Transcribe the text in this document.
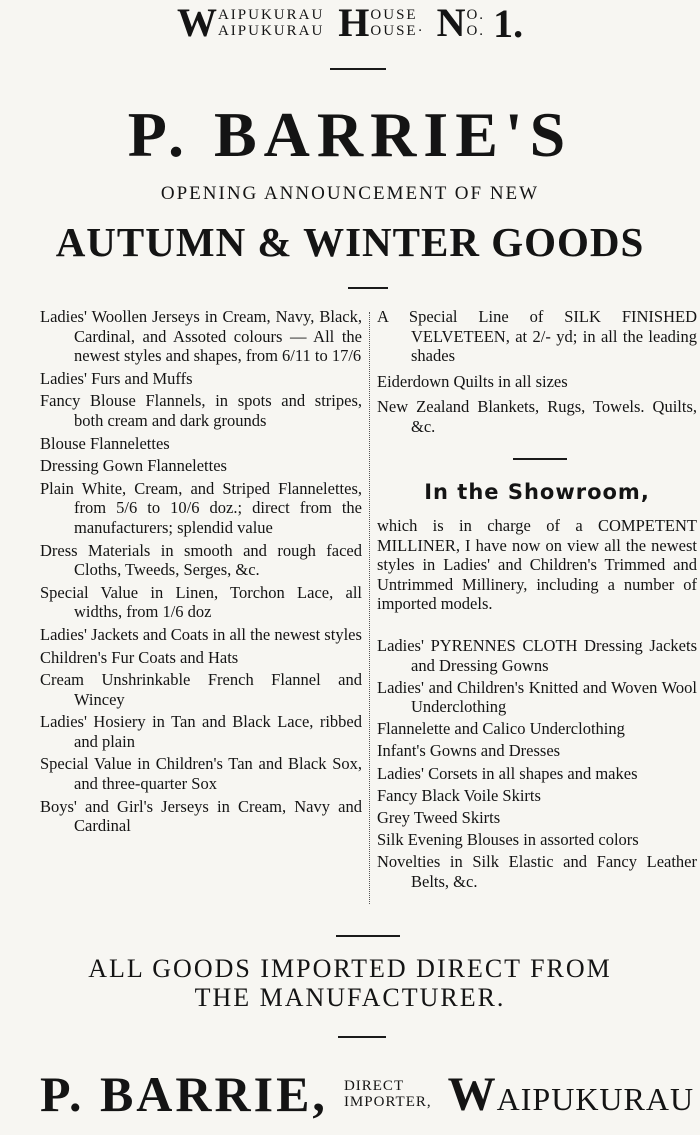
W AIPUKURAU
AIPUKURAU H OUSE
OUSE· N O.
O. 1.
P. BARRIE'S
OPENING ANNOUNCEMENT OF NEW
AUTUMN & WINTER GOODS
Ladies' Woollen Jerseys in Cream, Navy, Black, Cardinal, and Assoted colours — All the newest styles and shapes, from 6/11 to 17/6
Ladies' Furs and Muffs
Fancy Blouse Flannels, in spots and stripes, both cream and dark grounds
Blouse Flannelettes
Dressing Gown Flannelettes
Plain White, Cream, and Striped Flannelettes, from 5/6 to 10/6 doz.; direct from the manufacturers; splendid value
Dress Materials in smooth and rough faced Cloths, Tweeds, Serges, &c.
Special Value in Linen, Torchon Lace, all widths, from 1/6 doz
Ladies' Jackets and Coats in all the newest styles
Children's Fur Coats and Hats
Cream Unshrinkable French Flannel and Wincey
Ladies' Hosiery in Tan and Black Lace, ribbed and plain
Special Value in Children's Tan and Black Sox, and three-quarter Sox
Boys' and Girl's Jerseys in Cream, Navy and Cardinal
A Special Line of SILK FINISHED VELVETEEN, at 2/- yd; in all the leading shades
Eiderdown Quilts in all sizes
New Zealand Blankets, Rugs, Towels. Quilts, &c.
In the Showroom,
which is in charge of a COMPETENT MILLINER, I have now on view all the newest styles in Ladies' and Children's Trimmed and Untrimmed Millinery, including a number of imported models.
Ladies' PYRENNES CLOTH Dressing Jackets and Dressing Gowns
Ladies' and Children's Knitted and Woven Wool Underclothing
Flannelette and Calico Underclothing
Infant's Gowns and Dresses
Ladies' Corsets in all shapes and makes
Fancy Black Voile Skirts
Grey Tweed Skirts
Silk Evening Blouses in assorted colors
Novelties in Silk Elastic and Fancy Leather Belts, &c.
ALL GOODS IMPORTED DIRECT FROM
THE MANUFACTURER.
P. BARRIE, DIRECT
IMPORTER, WAIPUKURAU
